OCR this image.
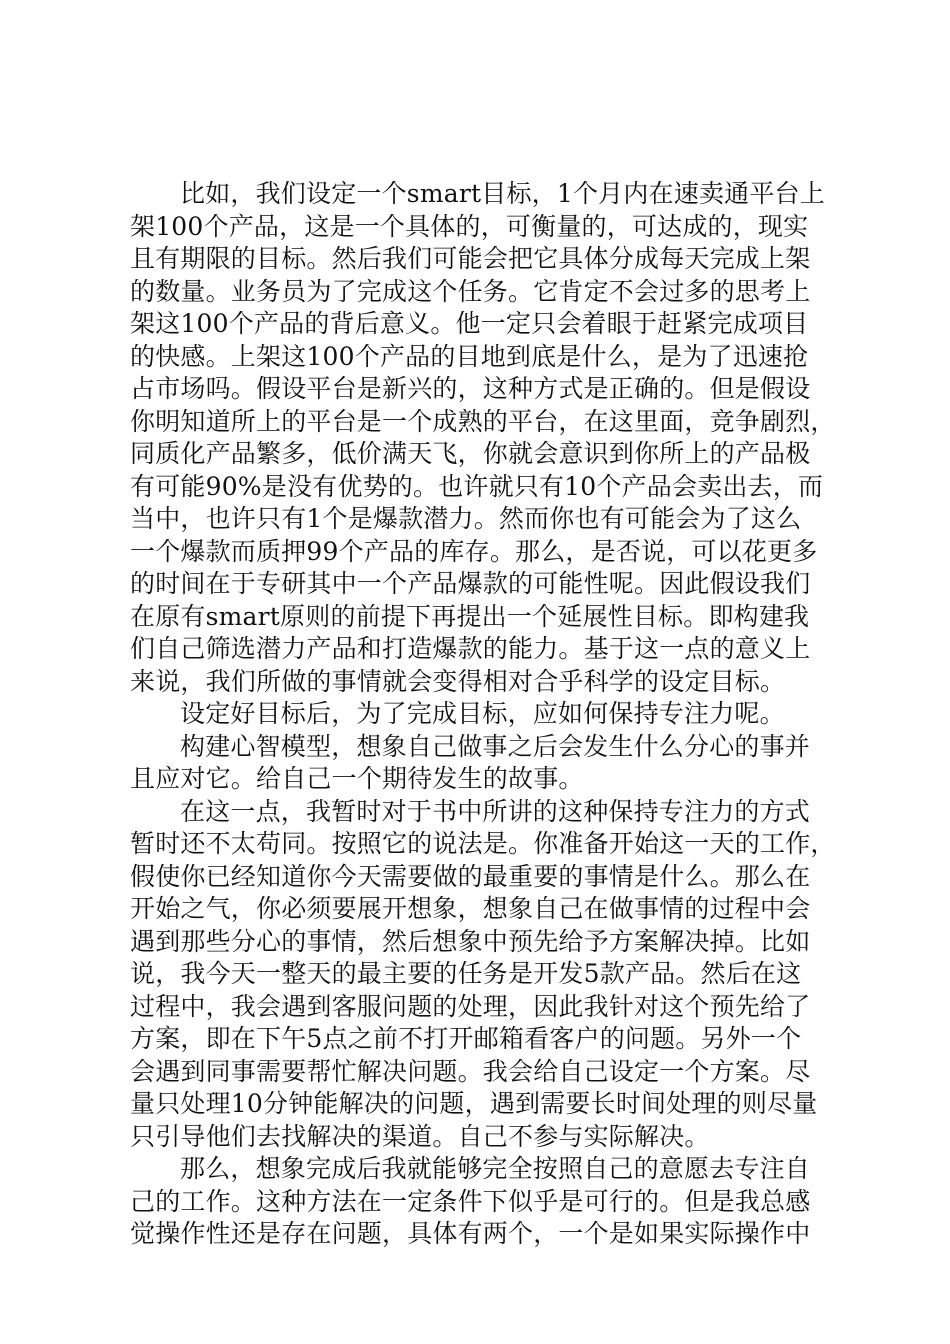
比如，我们设定一个smart目标，1个月内在速卖通平台上
架100个产品，这是一个具体的，可衡量的，可达成的，现实
且有期限的目标。然后我们可能会把它具体分成每天完成上架
的数量。业务员为了完成这个任务。它肯定不会过多的思考上
架这100个产品的背后意义。他一定只会着眼于赶紧完成项目
的快感。上架这100个产品的目地到底是什么，是为了迅速抢
占市场吗。假设平台是新兴的，这种方式是正确的。但是假设
你明知道所上的平台是一个成熟的平台，在这里面，竞争剧烈，
同质化产品繁多，低价满天飞，你就会意识到你所上的产品极
有可能90%是没有优势的。也许就只有10个产品会卖出去，而
当中，也许只有1个是爆款潜力。然而你也有可能会为了这么
一个爆款而质押99个产品的库存。那么，是否说，可以花更多
的时间在于专研其中一个产品爆款的可能性呢。因此假设我们
在原有smart原则的前提下再提出一个延展性目标。即构建我
们自己筛选潜力产品和打造爆款的能力。基于这一点的意义上
来说，我们所做的事情就会变得相对合乎科学的设定目标。
设定好目标后，为了完成目标，应如何保持专注力呢。
构建心智模型，想象自己做事之后会发生什么分心的事并
且应对它。给自己一个期待发生的故事。
在这一点，我暂时对于书中所讲的这种保持专注力的方式
暂时还不太苟同。按照它的说法是。你准备开始这一天的工作，
假使你已经知道你今天需要做的最重要的事情是什么。那么在
开始之气，你必须要展开想象，想象自己在做事情的过程中会
遇到那些分心的事情，然后想象中预先给予方案解决掉。比如
说，我今天一整天的最主要的任务是开发5款产品。然后在这
过程中，我会遇到客服问题的处理，因此我针对这个预先给了
方案，即在下午5点之前不打开邮箱看客户的问题。另外一个
会遇到同事需要帮忙解决问题。我会给自己设定一个方案。尽
量只处理10分钟能解决的问题，遇到需要长时间处理的则尽量
只引导他们去找解决的渠道。自己不参与实际解决。
那么，想象完成后我就能够完全按照自己的意愿去专注自
己的工作。这种方法在一定条件下似乎是可行的。但是我总感
觉操作性还是存在问题，具体有两个，一个是如果实际操作中
